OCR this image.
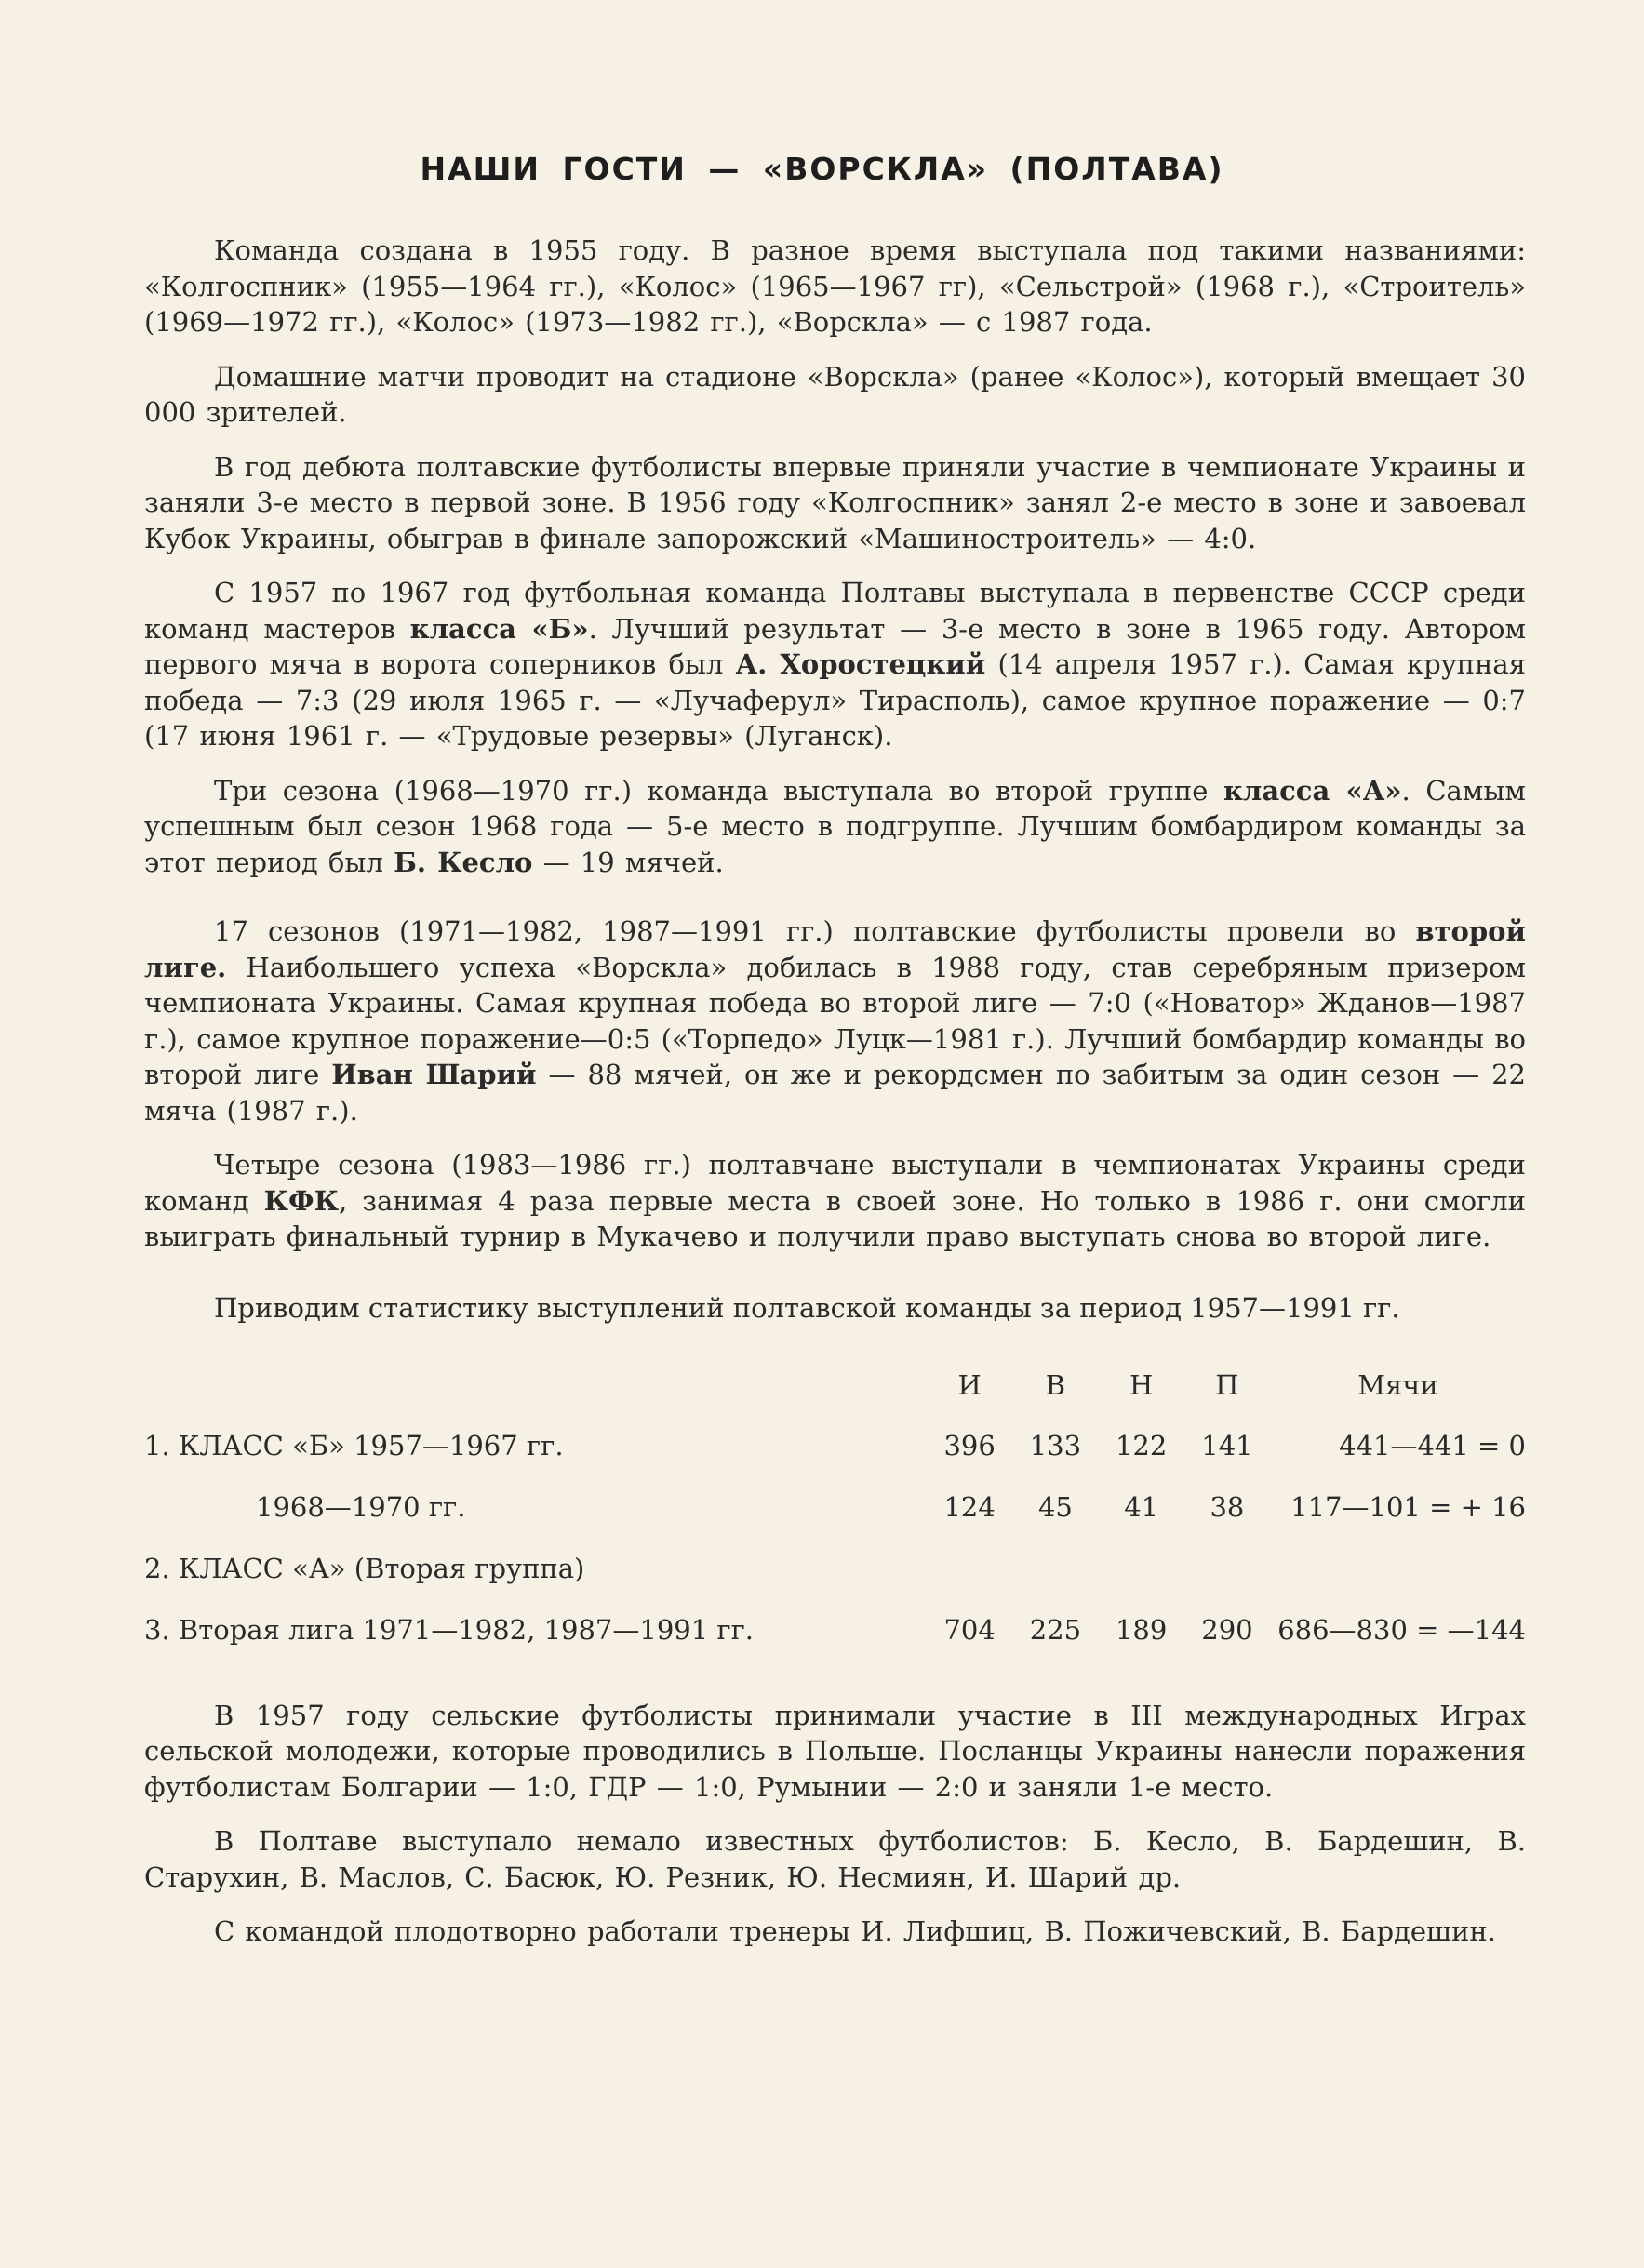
НАШИ ГОСТИ — «ВОРСКЛА» (ПОЛТАВА)

Команда создана в 1955 году. В разное время выступала под такими названиями: «Колгоспник» (1955—1964 гг.), «Колос» (1965—1967 гг), «Сельстрой» (1968 г.), «Строитель» (1969—1972 гг.), «Колос» (1973—1982 гг.), «Ворскла» — с 1987 года.

Домашние матчи проводит на стадионе «Ворскла» (ранее «Колос»), который вмещает 30 000 зрителей.

В год дебюта полтавские футболисты впервые приняли участие в чемпионате Украины и заняли 3-е место в первой зоне. В 1956 году «Колгоспник» занял 2-е место в зоне и завоевал Кубок Украины, обыграв в финале запорожский «Машиностроитель» — 4:0.

С 1957 по 1967 год футбольная команда Полтавы выступала в первенстве СССР среди команд мастеров класса «Б». Лучший результат — 3-е место в зоне в 1965 году. Автором первого мяча в ворота соперников был А. Хоростецкий (14 апреля 1957 г.). Самая крупная победа — 7:3 (29 июля 1965 г. — «Лучаферул» Тирасполь), самое крупное поражение — 0:7 (17 июня 1961 г. — «Трудовые резервы» (Луганск).

Три сезона (1968—1970 гг.) команда выступала во второй группе класса «А». Самым успешным был сезон 1968 года — 5-е место в подгруппе. Лучшим бомбардиром команды за этот период был Б. Кесло — 19 мячей.

17 сезонов (1971—1982, 1987—1991 гг.) полтавские футболисты провели во второй лиге. Наибольшего успеха «Ворскла» добилась в 1988 году, став серебряным призером чемпионата Украины. Самая крупная победа во второй лиге — 7:0 («Новатор» Жданов—1987 г.), самое крупное поражение—0:5 («Торпедо» Луцк—1981 г.). Лучший бомбардир команды во второй лиге Иван Шарий — 88 мячей, он же и рекордсмен по забитым за один сезон — 22 мяча (1987 г.).

Четыре сезона (1983—1986 гг.) полтавчане выступали в чемпионатах Украины среди команд КФК, занимая 4 раза первые места в своей зоне. Но только в 1986 г. они смогли выиграть финальный турнир в Мукачево и получили право выступать снова во второй лиге.

Приводим статистику выступлений полтавской команды за период 1957—1991 гг.

	И	В	Н	П	Мячи
1. КЛАСС «Б» 1957—1967 гг.	396	133	122	141	441—441 = 0
1968—1970 гг.	124	45	41	38	117—101 = + 16
2. КЛАСС «А» (Вторая группа)					
3. Вторая лига 1971—1982, 1987—1991 гг.	704	225	189	290	686—830 = —144

В 1957 году сельские футболисты принимали участие в III международных Играх сельской молодежи, которые проводились в Польше. Посланцы Украины нанесли поражения футболистам Болгарии — 1:0, ГДР — 1:0, Румынии — 2:0 и заняли 1-е место.

В Полтаве выступало немало известных футболистов: Б. Кесло, В. Бардешин, В. Старухин, В. Маслов, С. Басюк, Ю. Резник, Ю. Несмиян, И. Шарий др.

С командой плодотворно работали тренеры И. Лифшиц, В. Пожичевский, В. Бардешин.
